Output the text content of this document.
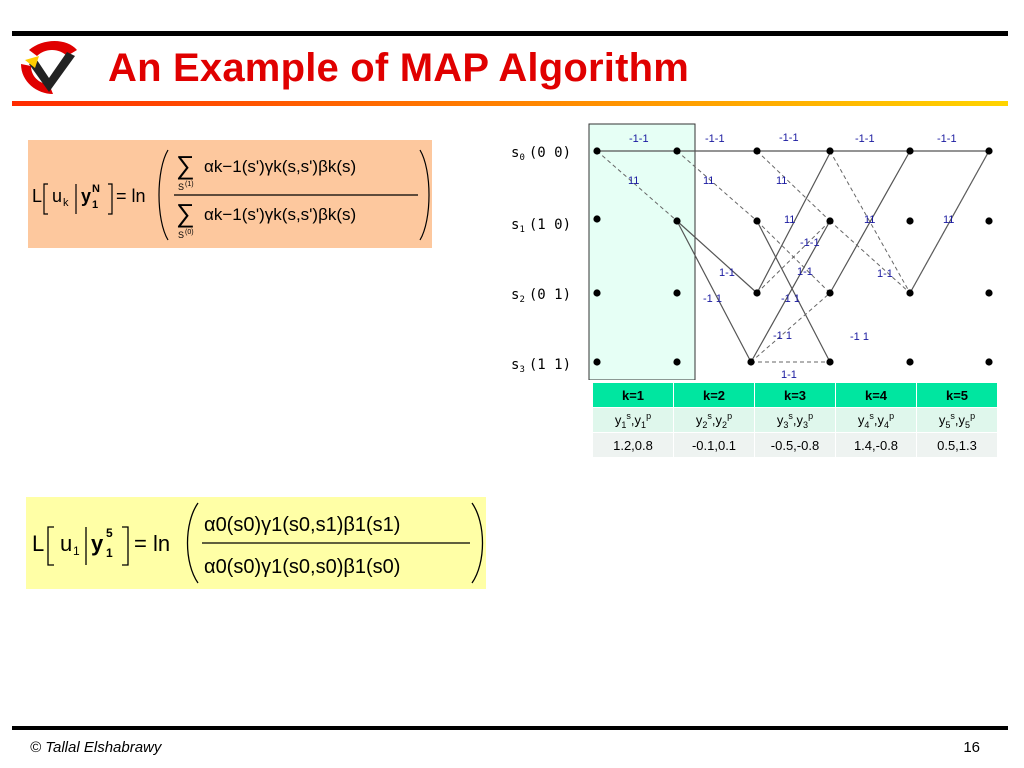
An Example of MAP Algorithm
L u k y N
1 = ln
∑
S (1)
αk−1(s')γk(s,s')βk(s)
∑
S (0)
αk−1(s')γk(s,s')βk(s)
$s_0$ (0 0)
$s_1$ (1 0)
$s_2$ (0 1)
$s_3$ (1 1)
-1-1	-1-1	-1-1	-1-1	-1-1
11	11	11
11	11	11
-1-1
1-1	1-1	1-1
-1 1	-1 1
-1 1	-1 1
1-1
k=1	k=2	k=3	k=4	k=5
$y_1^s,y_1^p$	$y_2^s,y_2^p$	$y_3^s,y_3^p$	$y_4^s,y_4^p$	$y_5^s,y_5^p$
1.2,0.8	-0.1,0.1	-0.5,-0.8	1.4,-0.8	0.5,1.3
L u 1 y 5
1 = ln
α0(s0)γ1(s0,s1)β1(s1)
α0(s0)γ1(s0,s0)β1(s0)
© Tallal Elshabrawy	16
